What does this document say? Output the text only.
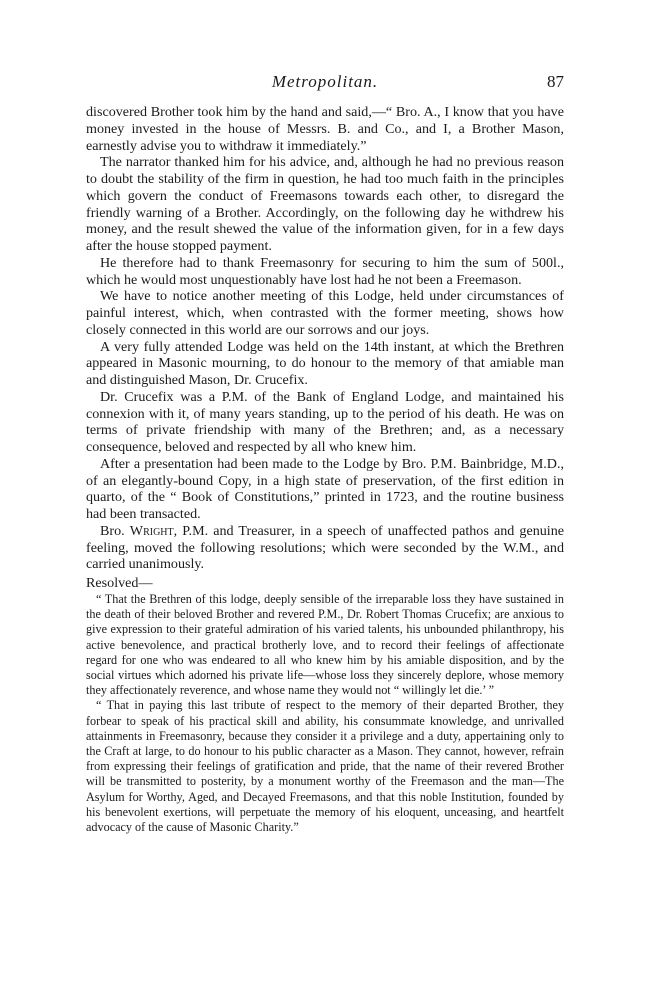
Metropolitan.	87

discovered Brother took him by the hand and said,—“ Bro. A., I know that you have money invested in the house of Messrs. B. and Co., and I, a Brother Mason, earnestly advise you to withdraw it immediately.”

The narrator thanked him for his advice, and, although he had no previous reason to doubt the stability of the firm in question, he had too much faith in the principles which govern the conduct of Freemasons towards each other, to disregard the friendly warning of a Brother. Accordingly, on the following day he withdrew his money, and the result shewed the value of the information given, for in a few days after the house stopped payment.

He therefore had to thank Freemasonry for securing to him the sum of 500l., which he would most unquestionably have lost had he not been a Freemason.

We have to notice another meeting of this Lodge, held under circumstances of painful interest, which, when contrasted with the former meeting, shows how closely connected in this world are our sorrows and our joys.

A very fully attended Lodge was held on the 14th instant, at which the Brethren appeared in Masonic mourning, to do honour to the memory of that amiable man and distinguished Mason, Dr. Crucefix.

Dr. Crucefix was a P.M. of the Bank of England Lodge, and maintained his connexion with it, of many years standing, up to the period of his death. He was on terms of private friendship with many of the Brethren; and, as a necessary consequence, beloved and respected by all who knew him.

After a presentation had been made to the Lodge by Bro. P.M. Bainbridge, M.D., of an elegantly-bound Copy, in a high state of preservation, of the first edition in quarto, of the “ Book of Constitutions,” printed in 1723, and the routine business had been transacted.

Bro. Wright, P.M. and Treasurer, in a speech of unaffected pathos and genuine feeling, moved the following resolutions; which were seconded by the W.M., and carried unanimously.

Resolved—

“ That the Brethren of this lodge, deeply sensible of the irreparable loss they have sustained in the death of their beloved Brother and revered P.M., Dr. Robert Thomas Crucefix; are anxious to give expression to their grateful admiration of his varied talents, his unbounded philanthropy, his active benevolence, and practical brotherly love, and to record their feelings of affectionate regard for one who was endeared to all who knew him by his amiable disposition, and by the social virtues which adorned his private life—whose loss they sincerely deplore, whose memory they affectionately reverence, and whose name they would not “ willingly let die.’ ”

“ That in paying this last tribute of respect to the memory of their departed Brother, they forbear to speak of his practical skill and ability, his consummate knowledge, and unrivalled attainments in Freemasonry, because they consider it a privilege and a duty, appertaining only to the Craft at large, to do honour to his public character as a Mason. They cannot, however, refrain from expressing their feelings of gratification and pride, that the name of their revered Brother will be transmitted to posterity, by a monument worthy of the Freemason and the man—The Asylum for Worthy, Aged, and Decayed Freemasons, and that this noble Institution, founded by his benevolent exertions, will perpetuate the memory of his eloquent, unceasing, and heartfelt advocacy of the cause of Masonic Charity.”
